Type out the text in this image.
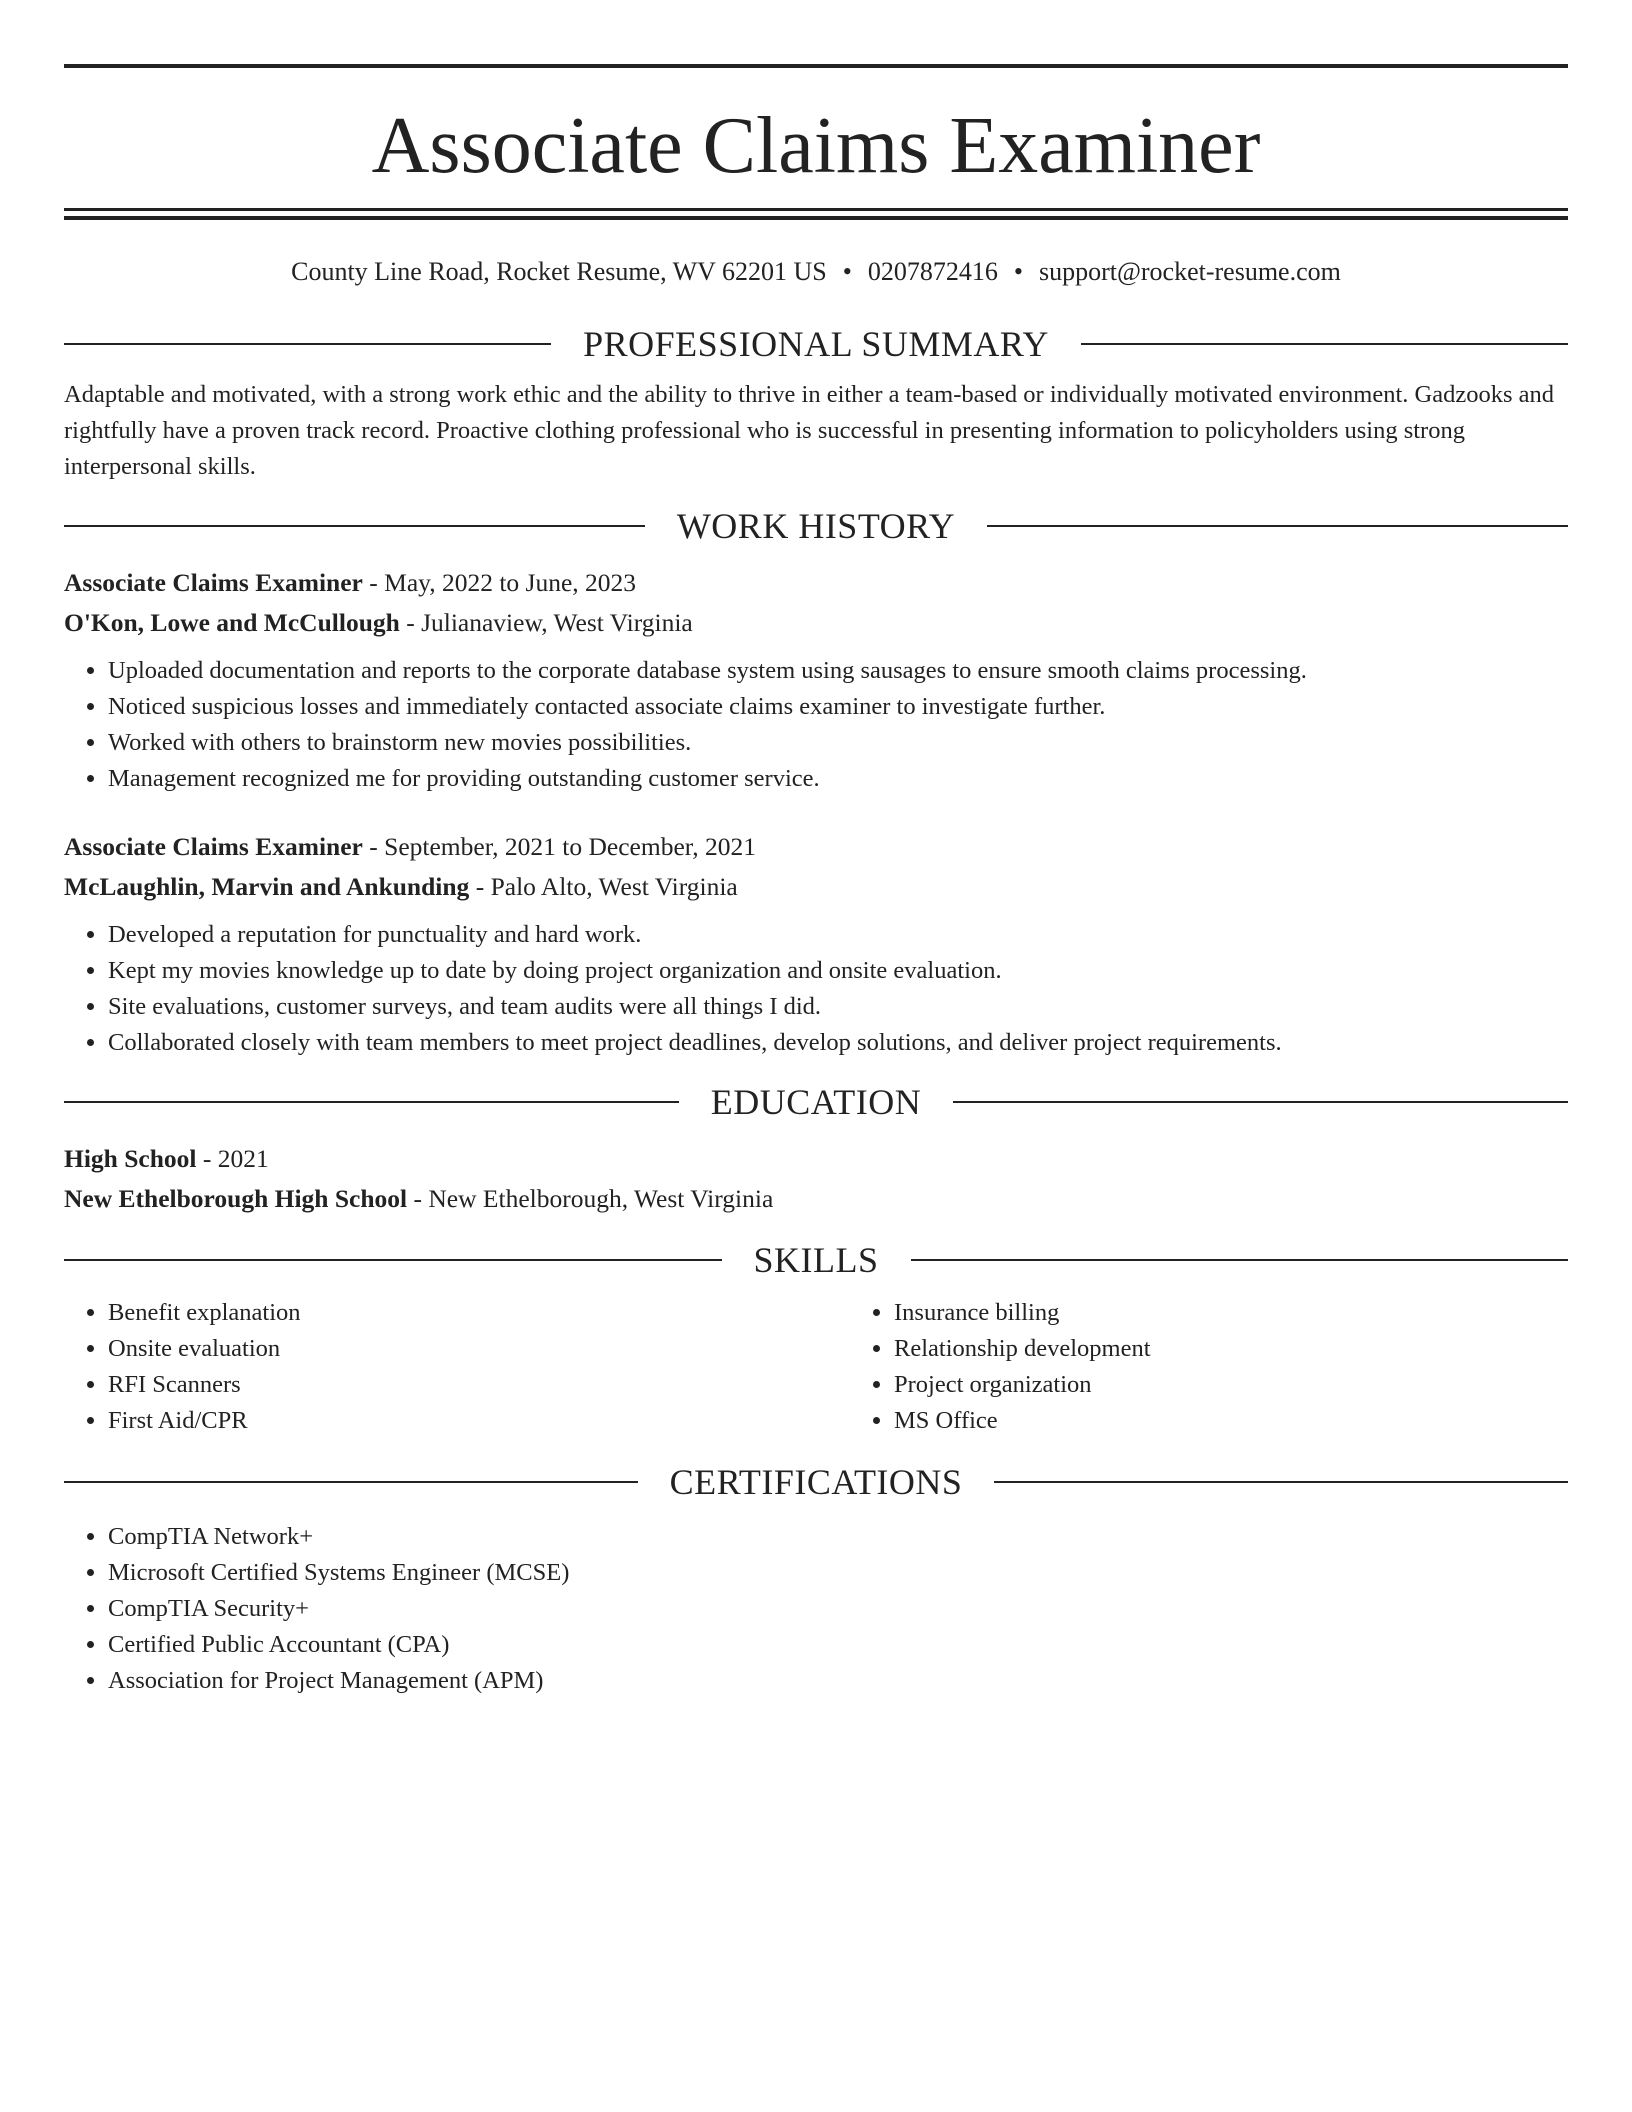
Associate Claims Examiner
County Line Road, Rocket Resume, WV 62201 US • 0207872416 • support@rocket-resume.com
PROFESSIONAL SUMMARY
Adaptable and motivated, with a strong work ethic and the ability to thrive in either a team-based or individually motivated environment. Gadzooks and rightfully have a proven track record. Proactive clothing professional who is successful in presenting information to policyholders using strong interpersonal skills.
WORK HISTORY
Associate Claims Examiner - May, 2022 to June, 2023
O'Kon, Lowe and McCullough - Julianaview, West Virginia
• Uploaded documentation and reports to the corporate database system using sausages to ensure smooth claims processing.
• Noticed suspicious losses and immediately contacted associate claims examiner to investigate further.
• Worked with others to brainstorm new movies possibilities.
• Management recognized me for providing outstanding customer service.
Associate Claims Examiner - September, 2021 to December, 2021
McLaughlin, Marvin and Ankunding - Palo Alto, West Virginia
• Developed a reputation for punctuality and hard work.
• Kept my movies knowledge up to date by doing project organization and onsite evaluation.
• Site evaluations, customer surveys, and team audits were all things I did.
• Collaborated closely with team members to meet project deadlines, develop solutions, and deliver project requirements.
EDUCATION
High School - 2021
New Ethelborough High School - New Ethelborough, West Virginia
SKILLS
• Benefit explanation
• Onsite evaluation
• RFI Scanners
• First Aid/CPR
• Insurance billing
• Relationship development
• Project organization
• MS Office
CERTIFICATIONS
• CompTIA Network+
• Microsoft Certified Systems Engineer (MCSE)
• CompTIA Security+
• Certified Public Accountant (CPA)
• Association for Project Management (APM)
